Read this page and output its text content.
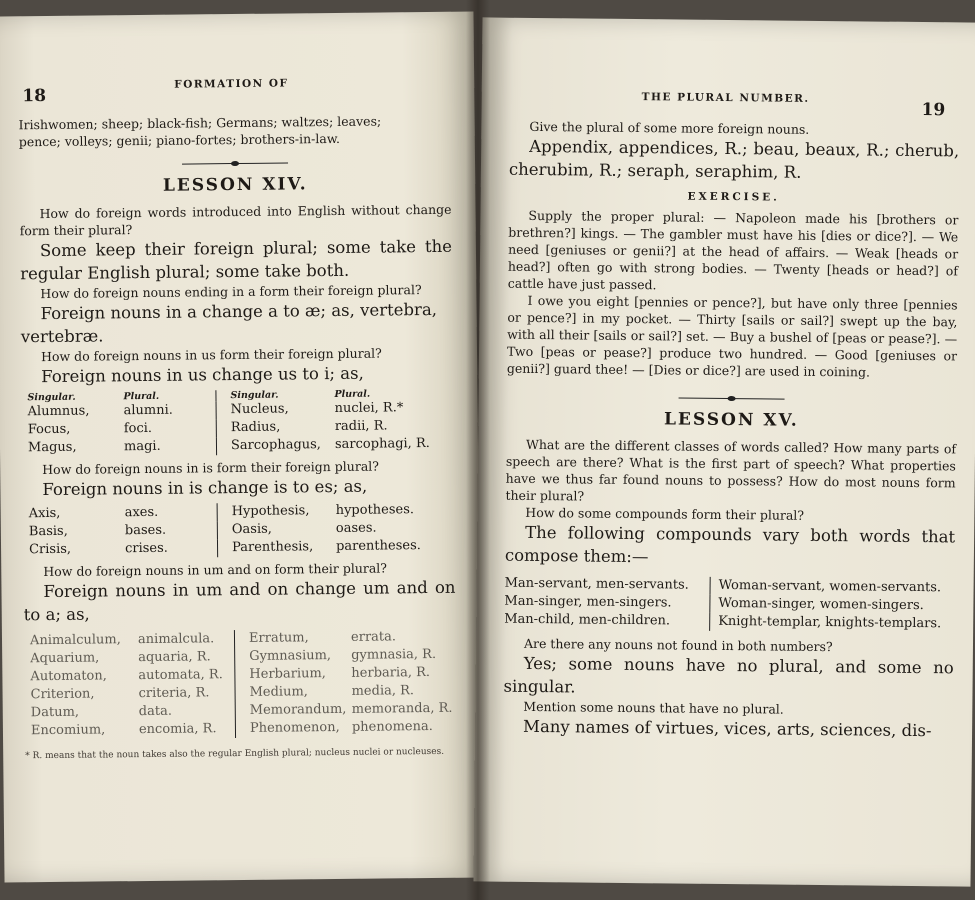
18
FORMATION OF

Irishwomen; sheep; black-fish; Germans; waltzes; leaves;

pence; volleys; genii; piano-fortes; brothers-in-law.

LESSON XIV.

How do foreign words introduced into English without change form their plural?

Some keep their foreign plural; some take the regular English plural; some take both.

How do foreign nouns ending in a form their foreign plural?

Foreign nouns in a change a to æ; as, vertebra, vertebræ.

How do foreign nouns in us form their foreign plural?

Foreign nouns in us change us to i; as,

Singular.	Plural.	Singular.	Plural.
Alumnus,	alumni.	Nucleus,	nuclei, R.*
Focus,	foci.	Radius,	radii, R.
Magus,	magi.	Sarcophagus,	sarcophagi, R.

How do foreign nouns in is form their foreign plural?

Foreign nouns in is change is to es; as,

Axis,	axes.	Hypothesis,	hypotheses.
Basis,	bases.	Oasis,	oases.
Crisis,	crises.	Parenthesis,	parentheses.

How do foreign nouns in um and on form their plural?

Foreign nouns in um and on change um and on to a; as,

Animalculum,	animalcula.	Erratum,	errata.
Aquarium,	aquaria, R.	Gymnasium,	gymnasia, R.
Automaton,	automata, R.	Herbarium,	herbaria, R.
Criterion,	criteria, R.	Medium,	media, R.
Datum,	data.	Memorandum,	memoranda, R.
Encomium,	encomia, R.	Phenomenon,	phenomena.

* R. means that the noun takes also the regular English plural; nucleus nuclei or nucleuses.

THE PLURAL NUMBER.
19

Give the plural of some more foreign nouns.

Appendix, appendices, R.; beau, beaux, R.; cherub, cherubim, R.; seraph, seraphim, R.

EXERCISE.

Supply the proper plural: — Napoleon made his [brothers or brethren?] kings. — The gambler must have his [dies or dice?]. — We need [geniuses or genii?] at the head of affairs. — Weak [heads or head?] often go with strong bodies. — Twenty [heads or head?] of cattle have just passed.

I owe you eight [pennies or pence?], but have only three [pennies or pence?] in my pocket. — Thirty [sails or sail?] swept up the bay, with all their [sails or sail?] set. — Buy a bushel of [peas or pease?]. — Two [peas or pease?] produce two hundred. — Good [geniuses or genii?] guard thee! — [Dies or dice?] are used in coining.

LESSON XV.

What are the different classes of words called? How many parts of speech are there? What is the first part of speech? What properties have we thus far found nouns to possess? How do most nouns form their plural?

How do some compounds form their plural?

The following compounds vary both words that compose them:—

Man-servant, men-servants.	Woman-servant, women-servants.
Man-singer, men-singers.	Woman-singer, women-singers.
Man-child, men-children.	Knight-templar, knights-templars.

Are there any nouns not found in both numbers?

Yes; some nouns have no plural, and some no singular.

Mention some nouns that have no plural.

Many names of virtues, vices, arts, sciences, dis-
